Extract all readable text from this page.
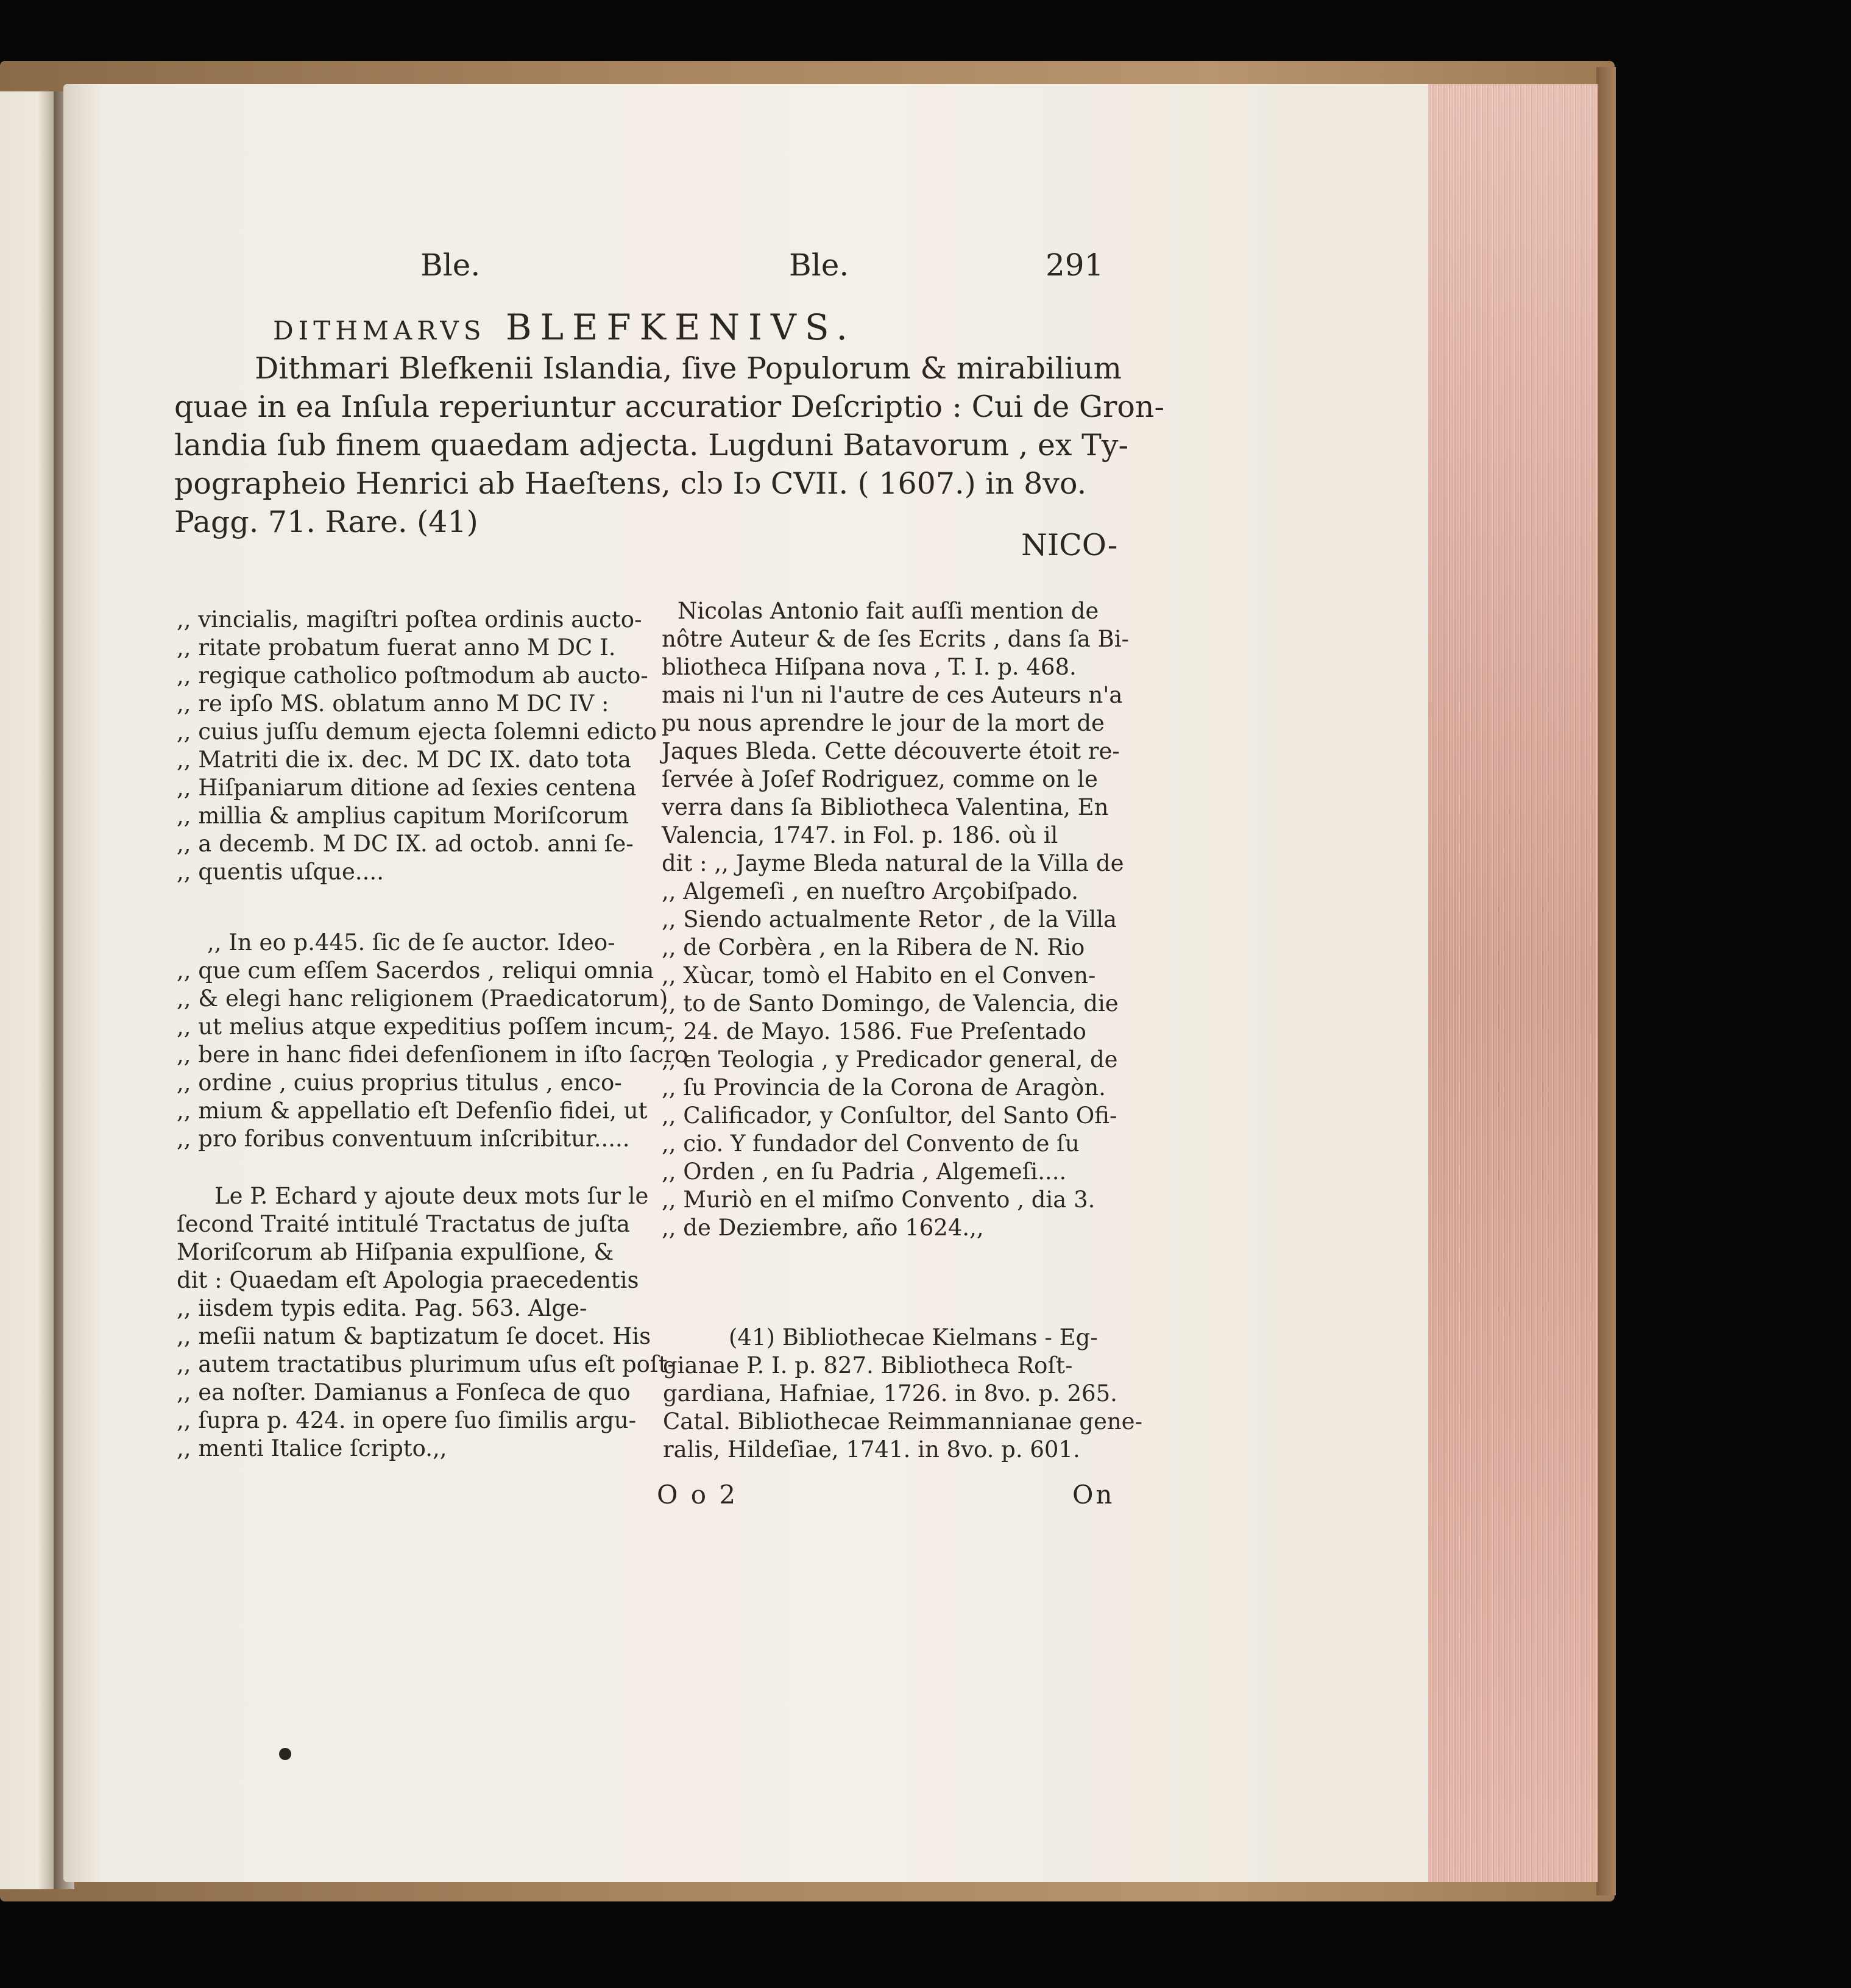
Ble.	Ble.	291
DITHMARVS BLEFKENIVS.
Dithmari Blefkenii Islandia, ſive Populorum & mirabilium
quae in ea Inſula reperiuntur accuratior Deſcriptio : Cui de Gron-
landia ſub finem quaedam adjecta. Lugduni Batavorum , ex Ty-
pographeio Henrici ab Haeſtens, clↄ Iↄ CVII. ( 1607.) in 8vo.
Pagg. 71. Rare. (41)
NICO-
,, vincialis, magiſtri poſtea ordinis aucto-
,, ritate probatum fuerat anno M DC I.
,, regique catholico poſtmodum ab aucto-
,, re ipſo MS. oblatum anno M DC IV :
,, cuius juſſu demum ejecta ſolemni edicto
,, Matriti die ix. dec. M DC IX. dato tota
,, Hiſpaniarum ditione ad ſexies centena
,, millia & amplius capitum Moriſcorum
,, a decemb. M DC IX. ad octob. anni ſe-
,, quentis uſque....
,, In eo p.445. ſic de ſe auctor. Ideo-
,, que cum eſſem Sacerdos , reliqui omnia
,, & elegi hanc religionem (Praedicatorum)
,, ut melius atque expeditius poſſem incum-
,, bere in hanc fidei defenſionem in iſto ſacro
,, ordine , cuius proprius titulus , enco-
,, mium & appellatio eſt Defenſio fidei, ut
,, pro foribus conventuum inſcribitur.....
Le P. Echard y ajoute deux mots ſur le
ſecond Traité intitulé Tractatus de juſta
Moriſcorum ab Hiſpania expulſione, &
dit : Quaedam eſt Apologia praecedentis
,, iisdem typis edita. Pag. 563. Alge-
,, meſii natum & baptizatum ſe docet. His
,, autem tractatibus plurimum uſus eſt poſt-
,, ea noſter. Damianus a Fonſeca de quo
,, ſupra p. 424. in opere ſuo ſimilis argu-
,, menti Italice ſcripto.,,
Nicolas Antonio fait auſſi mention de
nôtre Auteur & de ſes Ecrits , dans ſa Bi-
bliotheca Hiſpana nova , T. I. p. 468.
mais ni l'un ni l'autre de ces Auteurs n'a
pu nous aprendre le jour de la mort de
Jaques Bleda. Cette découverte étoit re-
ſervée à Joſef Rodriguez, comme on le
verra dans ſa Bibliotheca Valentina, En
Valencia, 1747. in Fol. p. 186. où il
dit : ,, Jayme Bleda natural de la Villa de
,, Algemeſi , en nueſtro Arçobiſpado.
,, Siendo actualmente Retor , de la Villa
,, de Corbèra , en la Ribera de N. Rio
,, Xùcar, tomò el Habito en el Conven-
,, to de Santo Domingo, de Valencia, die
,, 24. de Mayo. 1586. Fue Preſentado
,, en Teologia , y Predicador general, de
,, ſu Provincia de la Corona de Aragòn.
,, Calificador, y Conſultor, del Santo Ofi-
,, cio. Y fundador del Convento de ſu
,, Orden , en ſu Padria , Algemeſi....
,, Muriò en el miſmo Convento , dia 3.
,, de Deziembre, año 1624.,,
(41) Bibliothecae Kielmans - Eg-
gianae P. I. p. 827. Bibliotheca Roſt-
gardiana, Hafniae, 1726. in 8vo. p. 265.
Catal. Bibliothecae Reimmannianae gene-
ralis, Hildeſiae, 1741. in 8vo. p. 601.
O o 2	On
